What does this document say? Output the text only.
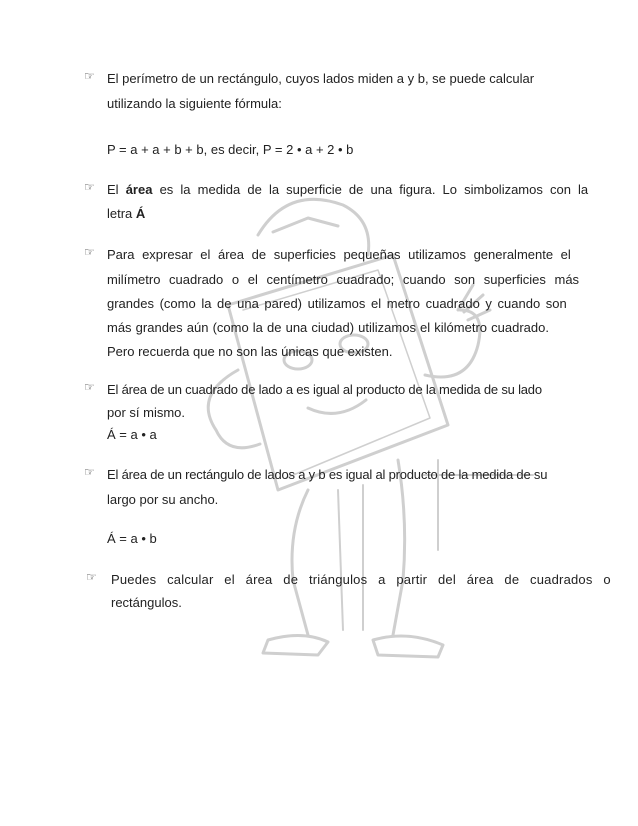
☞ El perímetro de un rectángulo, cuyos lados miden a y b, se puede calcular
utilizando la siguiente fórmula:
P = a + a + b + b, es decir, P = 2 • a + 2 • b
☞ El área es la medida de la superficie de una figura. Lo simbolizamos con la
letra Á
☞ Para expresar el área de superficies pequeñas utilizamos generalmente el
milímetro cuadrado o el centímetro cuadrado; cuando son superficies más
grandes (como la de una pared) utilizamos el metro cuadrado y cuando son
más grandes aún (como la de una ciudad) utilizamos el kilómetro cuadrado.
Pero recuerda que no son las únicas que existen.
☞ El área de un cuadrado de lado a es igual al producto de la medida de su lado
por sí mismo.
Á = a • a
☞ El área de un rectángulo de lados a y b es igual al producto de la medida de su
largo por su ancho.
Á = a • b
☞ Puedes calcular el área de triángulos a partir del área de cuadrados o
rectángulos.
